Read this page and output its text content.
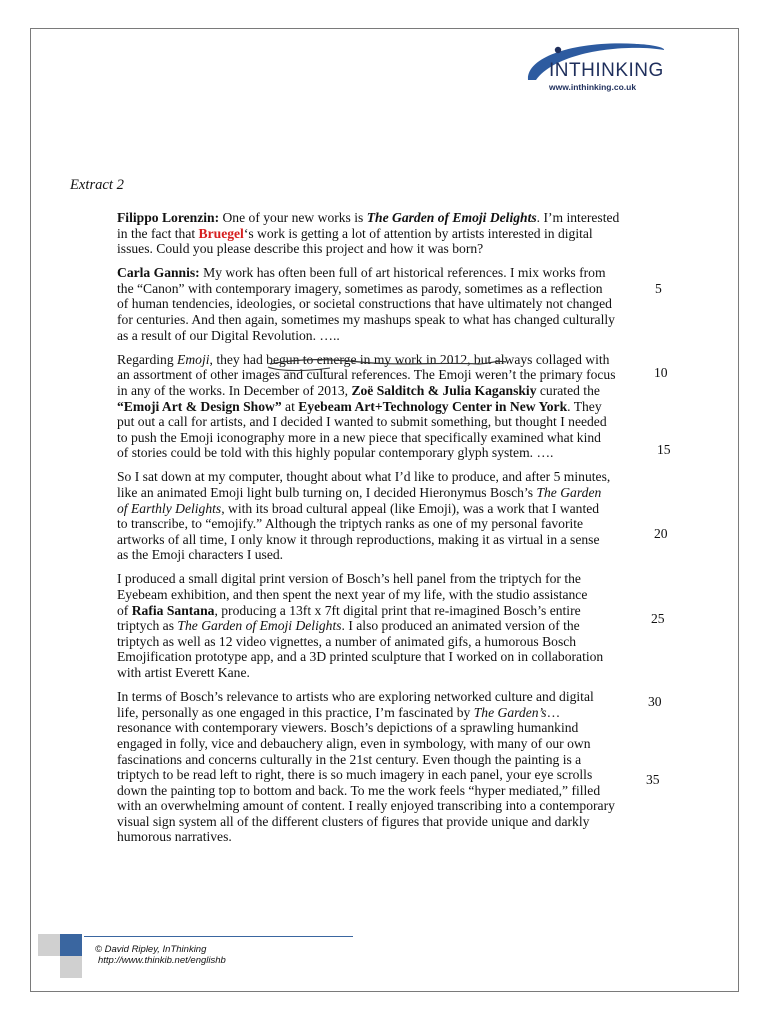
INTHINKING
www.inthinking.co.uk
Extract 2
Filippo Lorenzin: One of your new works is The Garden of Emoji Delights. I’m interested
in the fact that Bruegel‘s work is getting a lot of attention by artists interested in digital
issues. Could you please describe this project and how it was born?
Carla Gannis: My work has often been full of art historical references. I mix works from
the “Canon” with contemporary imagery, sometimes as parody, sometimes as a reflection
of human tendencies, ideologies, or societal constructions that have ultimately not changed
for centuries. And then again, sometimes my mashups speak to what has changed culturally
as a result of our Digital Revolution. …..
Regarding Emoji, they had begun to emerge in my work in 2012, but always collaged with
an assortment of other images and cultural references. The Emoji weren’t the primary focus
in any of the works. In December of 2013, Zoë Salditch & Julia Kaganskiy curated the
“Emoji Art & Design Show” at Eyebeam Art+Technology Center in New York. They
put out a call for artists, and I decided I wanted to submit something, but thought I needed
to push the Emoji iconography more in a new piece that specifically examined what kind
of stories could be told with this highly popular contemporary glyph system. ….
So I sat down at my computer, thought about what I’d like to produce, and after 5 minutes,
like an animated Emoji light bulb turning on, I decided Hieronymus Bosch’s The Garden
of Earthly Delights, with its broad cultural appeal (like Emoji), was a work that I wanted
to transcribe, to “emojify.” Although the triptych ranks as one of my personal favorite
artworks of all time, I only know it through reproductions, making it as virtual in a sense
as the Emoji characters I used.
I produced a small digital print version of Bosch’s hell panel from the triptych for the
Eyebeam exhibition, and then spent the next year of my life, with the studio assistance
of Rafia Santana, producing a 13ft x 7ft digital print that re-imagined Bosch’s entire
triptych as The Garden of Emoji Delights. I also produced an animated version of the
triptych as well as 12 video vignettes, a number of animated gifs, a humorous Bosch
Emojification prototype app, and a 3D printed sculpture that I worked on in collaboration
with artist Everett Kane.
In terms of Bosch’s relevance to artists who are exploring networked culture and digital
life, personally as one engaged in this practice, I’m fascinated by The Garden’s…
resonance with contemporary viewers. Bosch’s depictions of a sprawling humankind
engaged in folly, vice and debauchery align, even in symbology, with many of our own
fascinations and concerns culturally in the 21st century. Even though the painting is a
triptych to be read left to right, there is so much imagery in each panel, your eye scrolls
down the painting top to bottom and back. To me the work feels “hyper mediated,” filled
with an overwhelming amount of content. I really enjoyed transcribing into a contemporary
visual sign system all of the different clusters of figures that provide unique and darkly
humorous narratives.
5
10
15
20
25
30
35
© David Ripley, InThinking
http://www.thinkib.net/englishb
